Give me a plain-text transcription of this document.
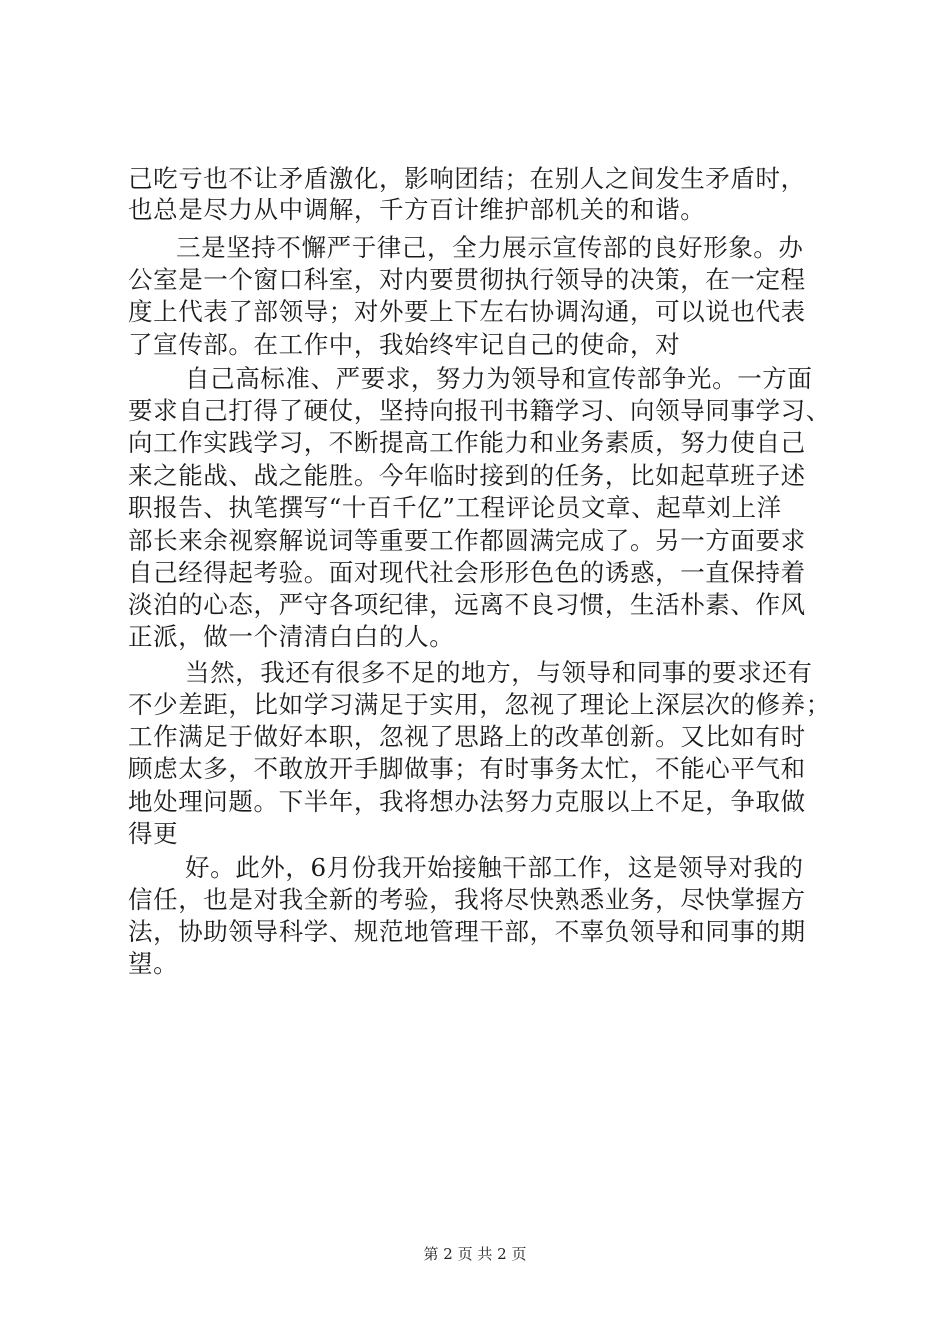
己吃亏也不让矛盾激化，影响团结；在别人之间发生矛盾时，
也总是尽力从中调解，千方百计维护部机关的和谐。
三是坚持不懈严于律己，全力展示宣传部的良好形象。办
公室是一个窗口科室，对内要贯彻执行领导的决策，在一定程
度上代表了部领导；对外要上下左右协调沟通，可以说也代表
了宣传部。在工作中，我始终牢记自己的使命，对
自己高标准、严要求，努力为领导和宣传部争光。一方面
要求自己打得了硬仗，坚持向报刊书籍学习、向领导同事学习、
向工作实践学习，不断提高工作能力和业务素质，努力使自己
来之能战、战之能胜。今年临时接到的任务，比如起草班子述
职报告、执笔撰写“十百千亿”工程评论员文章、起草刘上洋
部长来余视察解说词等重要工作都圆满完成了。另一方面要求
自己经得起考验。面对现代社会形形色色的诱惑，一直保持着
淡泊的心态，严守各项纪律，远离不良习惯，生活朴素、作风
正派，做一个清清白白的人。
当然，我还有很多不足的地方，与领导和同事的要求还有
不少差距，比如学习满足于实用，忽视了理论上深层次的修养；
工作满足于做好本职，忽视了思路上的改革创新。又比如有时
顾虑太多，不敢放开手脚做事；有时事务太忙，不能心平气和
地处理问题。下半年，我将想办法努力克服以上不足，争取做
得更
好。此外，6月份我开始接触干部工作，这是领导对我的
信任，也是对我全新的考验，我将尽快熟悉业务，尽快掌握方
法，协助领导科学、规范地管理干部，不辜负领导和同事的期
望。
第 2 页 共 2 页
